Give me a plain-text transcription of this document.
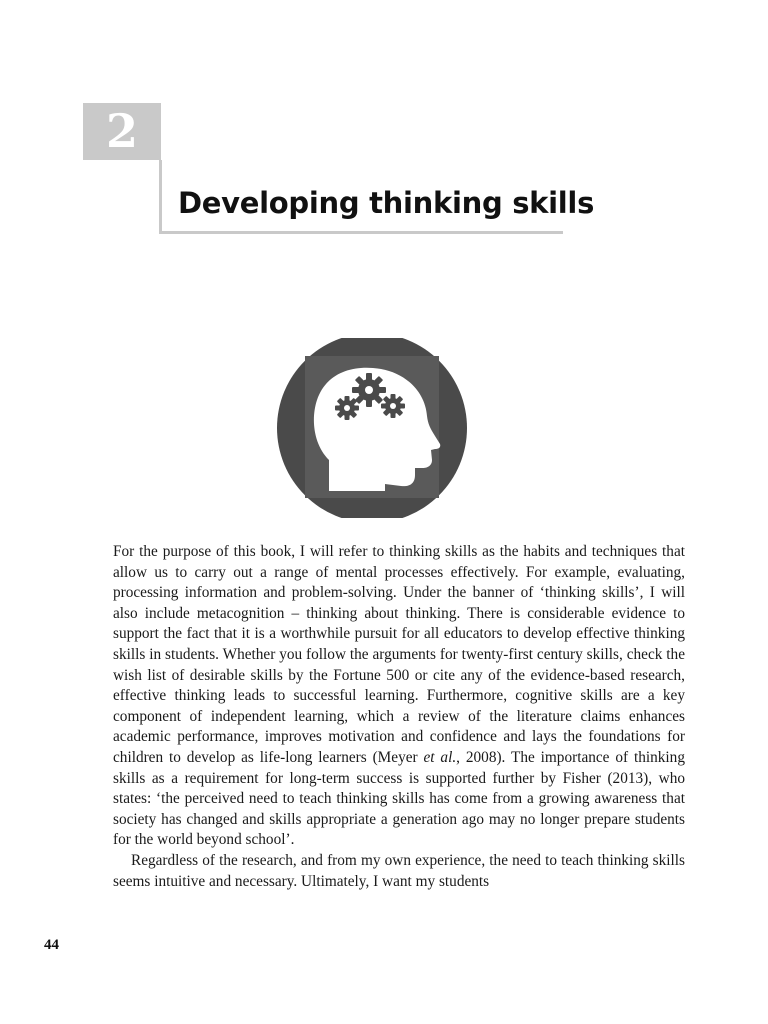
2
Developing thinking skills

For the purpose of this book, I will refer to thinking skills as the habits and techniques that allow us to carry out a range of mental processes effectively. For example, evaluating, processing information and problem-solving. Under the banner of ‘thinking skills’, I will also include metacognition – thinking about thinking. There is considerable evidence to support the fact that it is a worthwhile pursuit for all educators to develop effective thinking skills in students. Whether you follow the arguments for twenty-first century skills, check the wish list of desirable skills by the Fortune 500 or cite any of the evidence-based research, effective thinking leads to successful learning. Furthermore, cognitive skills are a key component of independent learning, which a review of the literature claims enhances academic performance, improves motivation and confidence and lays the foundations for children to develop as life-long learners (Meyer et al., 2008). The importance of thinking skills as a requirement for long-term success is supported further by Fisher (2013), who states: ‘the perceived need to teach thinking skills has come from a growing awareness that society has changed and skills appropriate a generation ago may no longer prepare students for the world beyond school’.

Regardless of the research, and from my own experience, the need to teach thinking skills seems intuitive and necessary. Ultimately, I want my students

44
